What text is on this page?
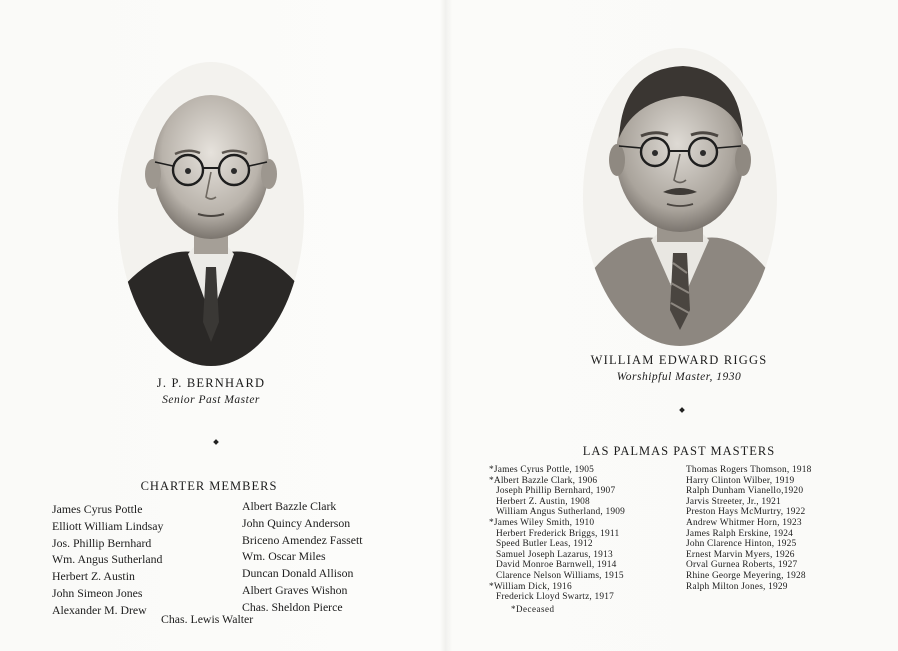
J. P. BERNHARD
Senior Past Master
CHARTER MEMBERS
James Cyrus Pottle
Elliott William Lindsay
Jos. Phillip Bernhard
Wm. Angus Sutherland
Herbert Z. Austin
John Simeon Jones
Alexander M. Drew
Albert Bazzle Clark
John Quincy Anderson
Briceno Amendez Fassett
Wm. Oscar Miles
Duncan Donald Allison
Albert Graves Wishon
Chas. Sheldon Pierce
Chas. Lewis Walter
WILLIAM EDWARD RIGGS
Worshipful Master, 1930
LAS PALMAS PAST MASTERS
*James Cyrus Pottle, 1905
*Albert Bazzle Clark, 1906
Joseph Phillip Bernhard, 1907
Herbert Z. Austin, 1908
William Angus Sutherland, 1909
*James Wiley Smith, 1910
Herbert Frederick Briggs, 1911
Speed Butler Leas, 1912
Samuel Joseph Lazarus, 1913
David Monroe Barnwell, 1914
Clarence Nelson Williams, 1915
*William Dick, 1916
Frederick Lloyd Swartz, 1917
Thomas Rogers Thomson, 1918
Harry Clinton Wilber, 1919
Ralph Dunham Vianello,1920
Jarvis Streeter, Jr., 1921
Preston Hays McMurtry, 1922
Andrew Whitmer Horn, 1923
James Ralph Erskine, 1924
John Clarence Hinton, 1925
Ernest Marvin Myers, 1926
Orval Gurnea Roberts, 1927
Rhine George Meyering, 1928
Ralph Milton Jones, 1929
*Deceased
